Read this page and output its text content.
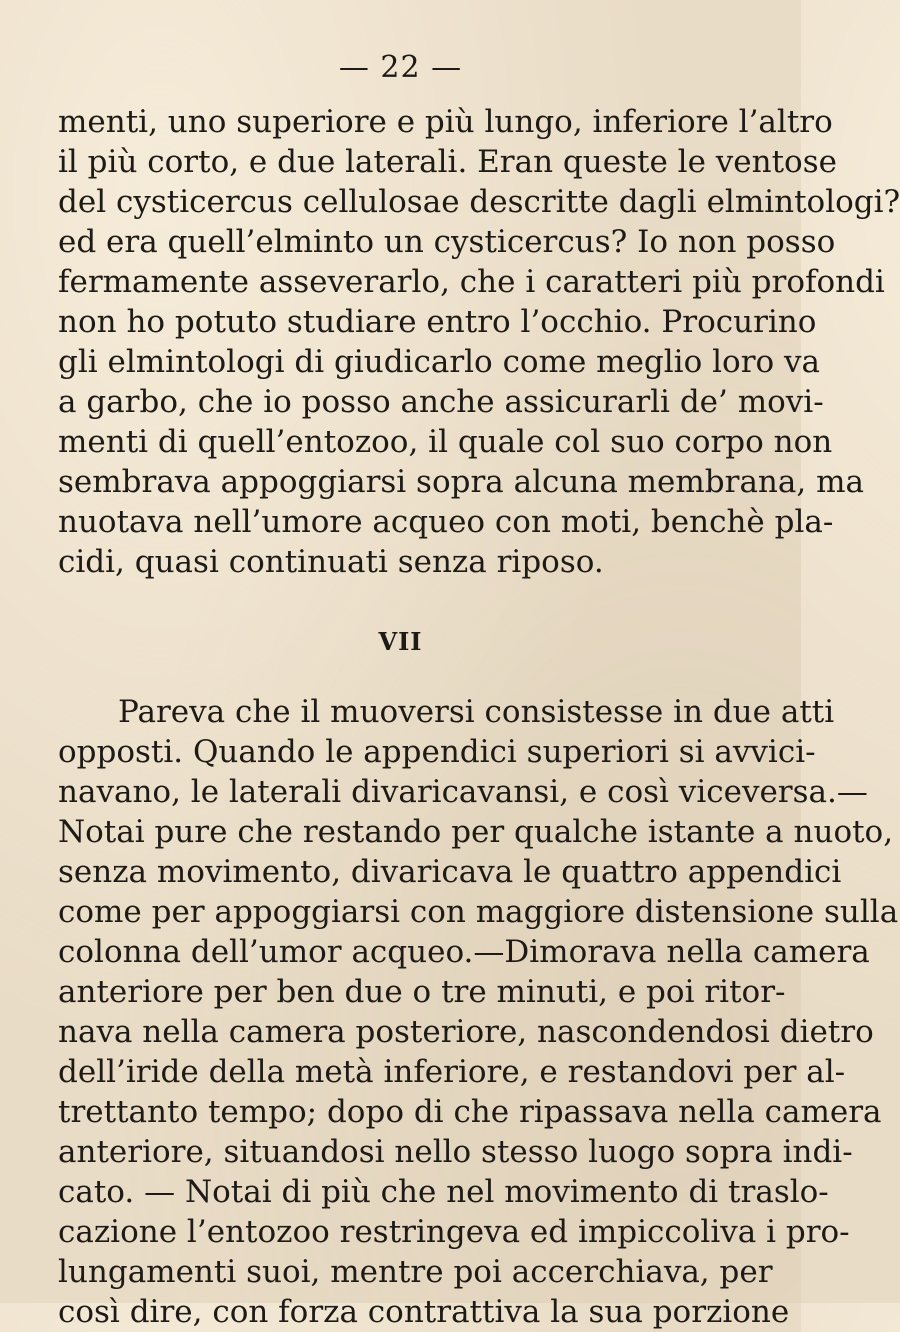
— 22 —
menti, uno superiore e più lungo, inferiore l’altro
il più corto, e due laterali. Eran queste le ventose
del cysticercus cellulosae descritte dagli elmintologi?
ed era quell’elminto un cysticercus? Io non posso
fermamente asseverarlo, che i caratteri più profondi
non ho potuto studiare entro l’occhio. Procurino
gli elmintologi di giudicarlo come meglio loro va
a garbo, che io posso anche assicurarli de’ movi-
menti di quell’entozoo, il quale col suo corpo non
sembrava appoggiarsi sopra alcuna membrana, ma
nuotava nell’umore acqueo con moti, benchè pla-
cidi, quasi continuati senza riposo.
VII
Pareva che il muoversi consistesse in due atti
opposti. Quando le appendici superiori si avvici-
navano, le laterali divaricavansi, e così viceversa.—
Notai pure che restando per qualche istante a nuoto,
senza movimento, divaricava le quattro appendici
come per appoggiarsi con maggiore distensione sulla
colonna dell’umor acqueo.—Dimorava nella camera
anteriore per ben due o tre minuti, e poi ritor-
nava nella camera posteriore, nascondendosi dietro
dell’iride della metà inferiore, e restandovi per al-
trettanto tempo; dopo di che ripassava nella camera
anteriore, situandosi nello stesso luogo sopra indi-
cato. — Notai di più che nel movimento di traslo-
cazione l’entozoo restringeva ed impiccoliva i pro-
lungamenti suoi, mentre poi accerchiava, per
così dire, con forza contrattiva la sua porzione
